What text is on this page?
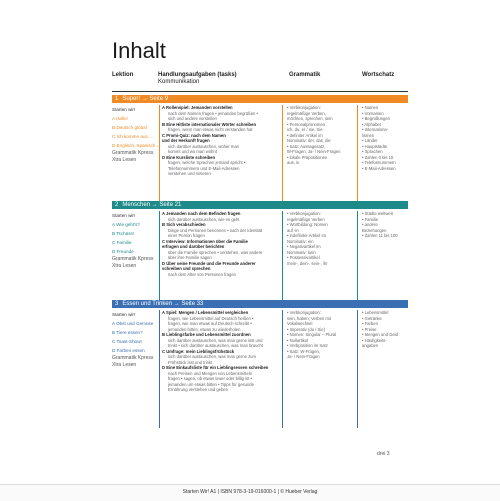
Inhalt
Lektion	Handlungsaufgaben (tasks)
Kommunikation
Grammatik	Wortschatz
1 Super! → Seite 9
Starten wir!
A Hallo!
B Deutsch global
C Ich komme aus …
D Englisch, Spanisch …
Grammatik Kpress
Xtra Lesen
A Rollenspiel: Jemanden vorstellen
nach dem Namen fragen • jemanden begrüßen •
sich und andere vorstellen
B Eine Hitliste internationaler Wörter schreiben
fragen, wenn man etwas nicht verstanden hat
C Promi-Quiz: nach dem Namen
und der Herkunft fragen
sich darüber austauschen, woher man
kommt und wo man wohnt
D Eine Kursliste schreiben
fragen, welche Sprachen jemand spricht •
Telefonnummern und E-Mail-Adressen
verstehen und notieren
• Verbkonjugation:
regelmäßige Verben,
möchten, sprechen, sein
• Personalpronomen
ich, du, er / sie, Sie
• definiter Artikel im
Nominativ: der, das, die
• Satz: Aussagesatz,
W-Fragen, Ja- / Nein-Fragen
• lokale Präpositionen
aus, in
• Namen
• Vornamen
• Begrüßungen
• Alphabet
• Internationa-
lismen
• Länder
• Hauptstädte
• Sprachen
• Zahlen 0 bis 10
• Telefonnummern
• E-Mail-Adressen
2 Menschen → Seite 21
Starten wir!
A Wie geht's?
B Tschüss!
C Familie
D Freunde
Grammatik Kpress
Xtra Lesen
A Jemanden nach dem Befinden fragen
sich darüber austauschen, wie es geht
B Sich verabschieden
Dinge und Personen benennen • nach der Identität
einer Person fragen
C Interview: Informationen über die Familie
erfragen und darüber berichten
über die Familie sprechen • verstehen, was andere
über ihre Familie sagen
D Über seine Freunde und die Freunde anderer
schreiben und sprechen
nach dem Alter von Personen fragen
• Verbkonjugation:
regelmäßige Verben
• Wortbildung: Nomen
auf -in
• indefiniter Artikel im
Nominativ: ein
• Negativartikel im
Nominativ: kein
• Possessivartikel
mein-, dein-, sein-, ihr
• Städte weltweit
• Familie
• andere
Beziehungen
• Zahlen 11 bis 100
3 Essen und Trinken → Seite 33
Starten wir!
A Obst und Gemüse
B Tiere essen?
C Toast-Show!
D Farben essen
Grammatik Kpress
Xtra Lesen
A Spiel: Mengen / Lebensmittel vergleichen
fragen, wie Lebensmittel auf Deutsch heißen •
fragen, wie man etwas auf Deutsch schreibt •
jemanden bitten, etwas zu wiederholen
B Lieblingsfarbe und Lebensmittel zuordnen
sich darüber austauschen, was man gerne isst und
trinkt • sich darüber austauschen, was man braucht
C Umfrage: mein Lieblingsfrühstück
sich darüber austauschen, was man gerne zum
Frühstück isst und trinkt
D Eine Einkaufsliste für ein Lieblingsessen schreiben
nach Preisen und Mengen von Lebensmitteln
fragen • sagen, ob etwas teuer oder billig ist •
jemanden um etwas bitten • Tipps für gesunde
Ernährung verstehen und geben
• Verbkonjugation:
sein, haben; Verben mit
Vokalwechsel
• Imperativ (du / Sie)
• Nomen: Singular – Plural
• Nullartikel
• Verbposition im Satz
• Satz: W-Fragen,
Ja- / Nein-Fragen
• Lebensmittel
• Getränke
• Farben
• Preise
• Mengen und Geld
• Häufigkeits-
angaben
drei 3
Starten Wir! A1 | ISBN 978-3-19-016000-1 | © Hueber Verlag
